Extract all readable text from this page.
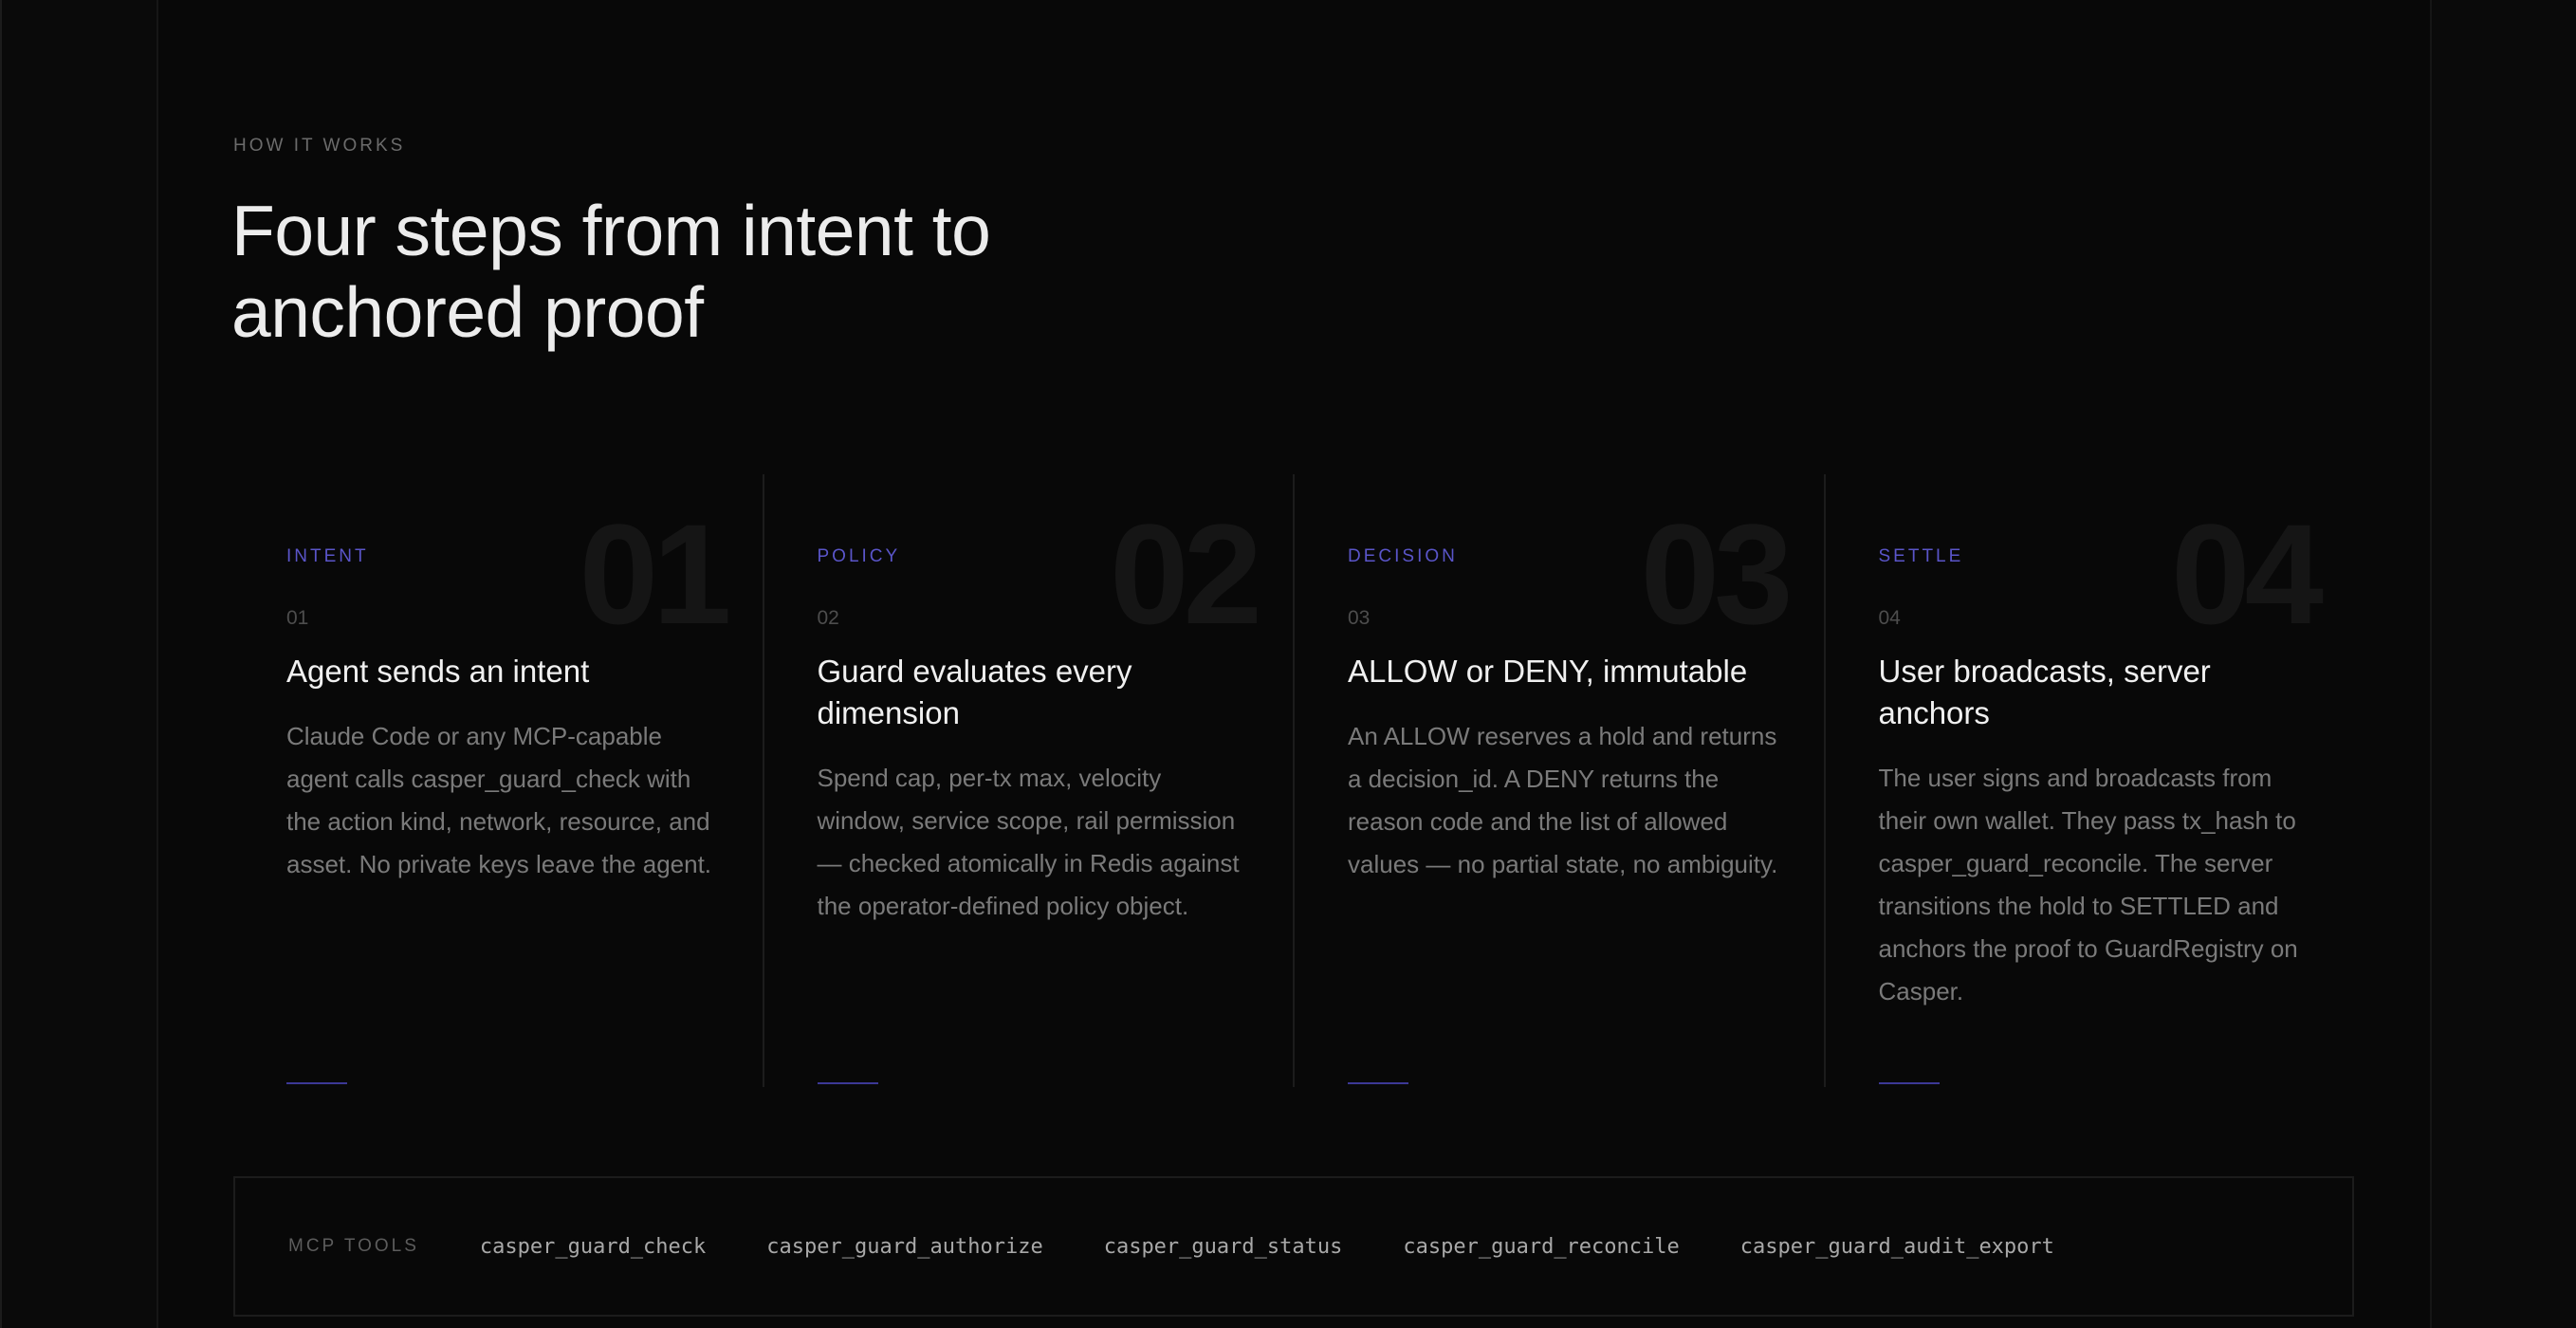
HOW IT WORKS
Four steps from intent to
anchored proof
01
INTENT
01
Agent sends an intent

Claude Code or any MCP-capable agent calls casper_guard_check with the action kind, network, resource, and asset. No private keys leave the agent.

02
POLICY
02
Guard evaluates every dimension

Spend cap, per-tx max, velocity window, service scope, rail permission — checked atomically in Redis against the operator-defined policy object.

03
DECISION
03
ALLOW or DENY, immutable

An ALLOW reserves a hold and returns a decision_id. A DENY returns the reason code and the list of allowed values — no partial state, no ambiguity.

04
SETTLE
04
User broadcasts, server anchors

The user signs and broadcasts from their own wallet. They pass tx_hash to casper_guard_reconcile. The server transitions the hold to SETTLED and anchors the proof to GuardRegistry on Casper.

MCP TOOLS	casper_guard_check	casper_guard_authorize	casper_guard_status	casper_guard_reconcile	casper_guard_audit_export
